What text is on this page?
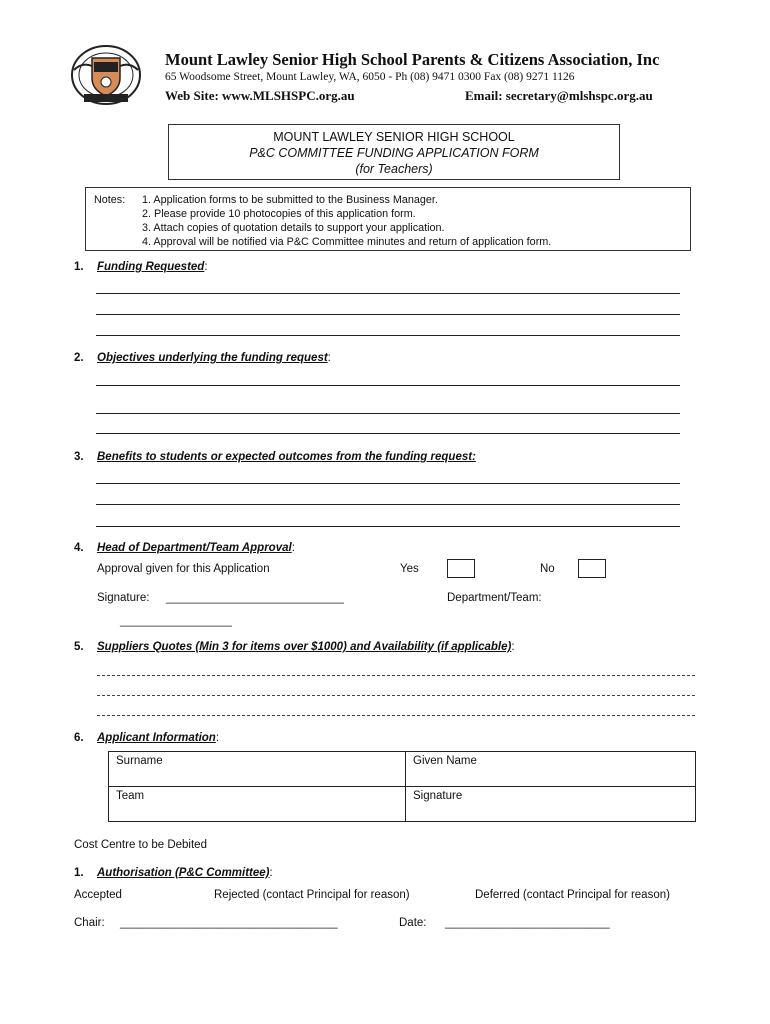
Mount Lawley Senior High School Parents & Citizens Association, Inc
65 Woodsome Street, Mount Lawley, WA, 6050 - Ph (08) 9471 0300 Fax (08) 9271 1126
Web Site: www.MLSHSPC.org.au	Email: secretary@mlshspc.org.au
MOUNT LAWLEY SENIOR HIGH SCHOOL
P&C COMMITTEE FUNDING APPLICATION FORM
(for Teachers)
Notes: 1. Application forms to be submitted to the Business Manager.
2. Please provide 10 photocopies of this application form.
3. Attach copies of quotation details to support your application.
4. Approval will be notified via P&C Committee minutes and return of application form.
1. Funding Requested:
2. Objectives underlying the funding request:
3. Benefits to students or expected outcomes from the funding request:
4. Head of Department/Team Approval:
Approval given for this Application	Yes	No
Signature: ___________________________	Department/Team:
_________________
5. Suppliers Quotes (Min 3 for items over $1000) and Availability (if applicable):
6. Applicant Information:
Surname	Given Name
Team	Signature
Cost Centre to be Debited
1. Authorisation (P&C Committee):
Accepted	Rejected (contact Principal for reason)	Deferred (contact Principal for reason)
Chair: _________________________________	Date: _________________________
